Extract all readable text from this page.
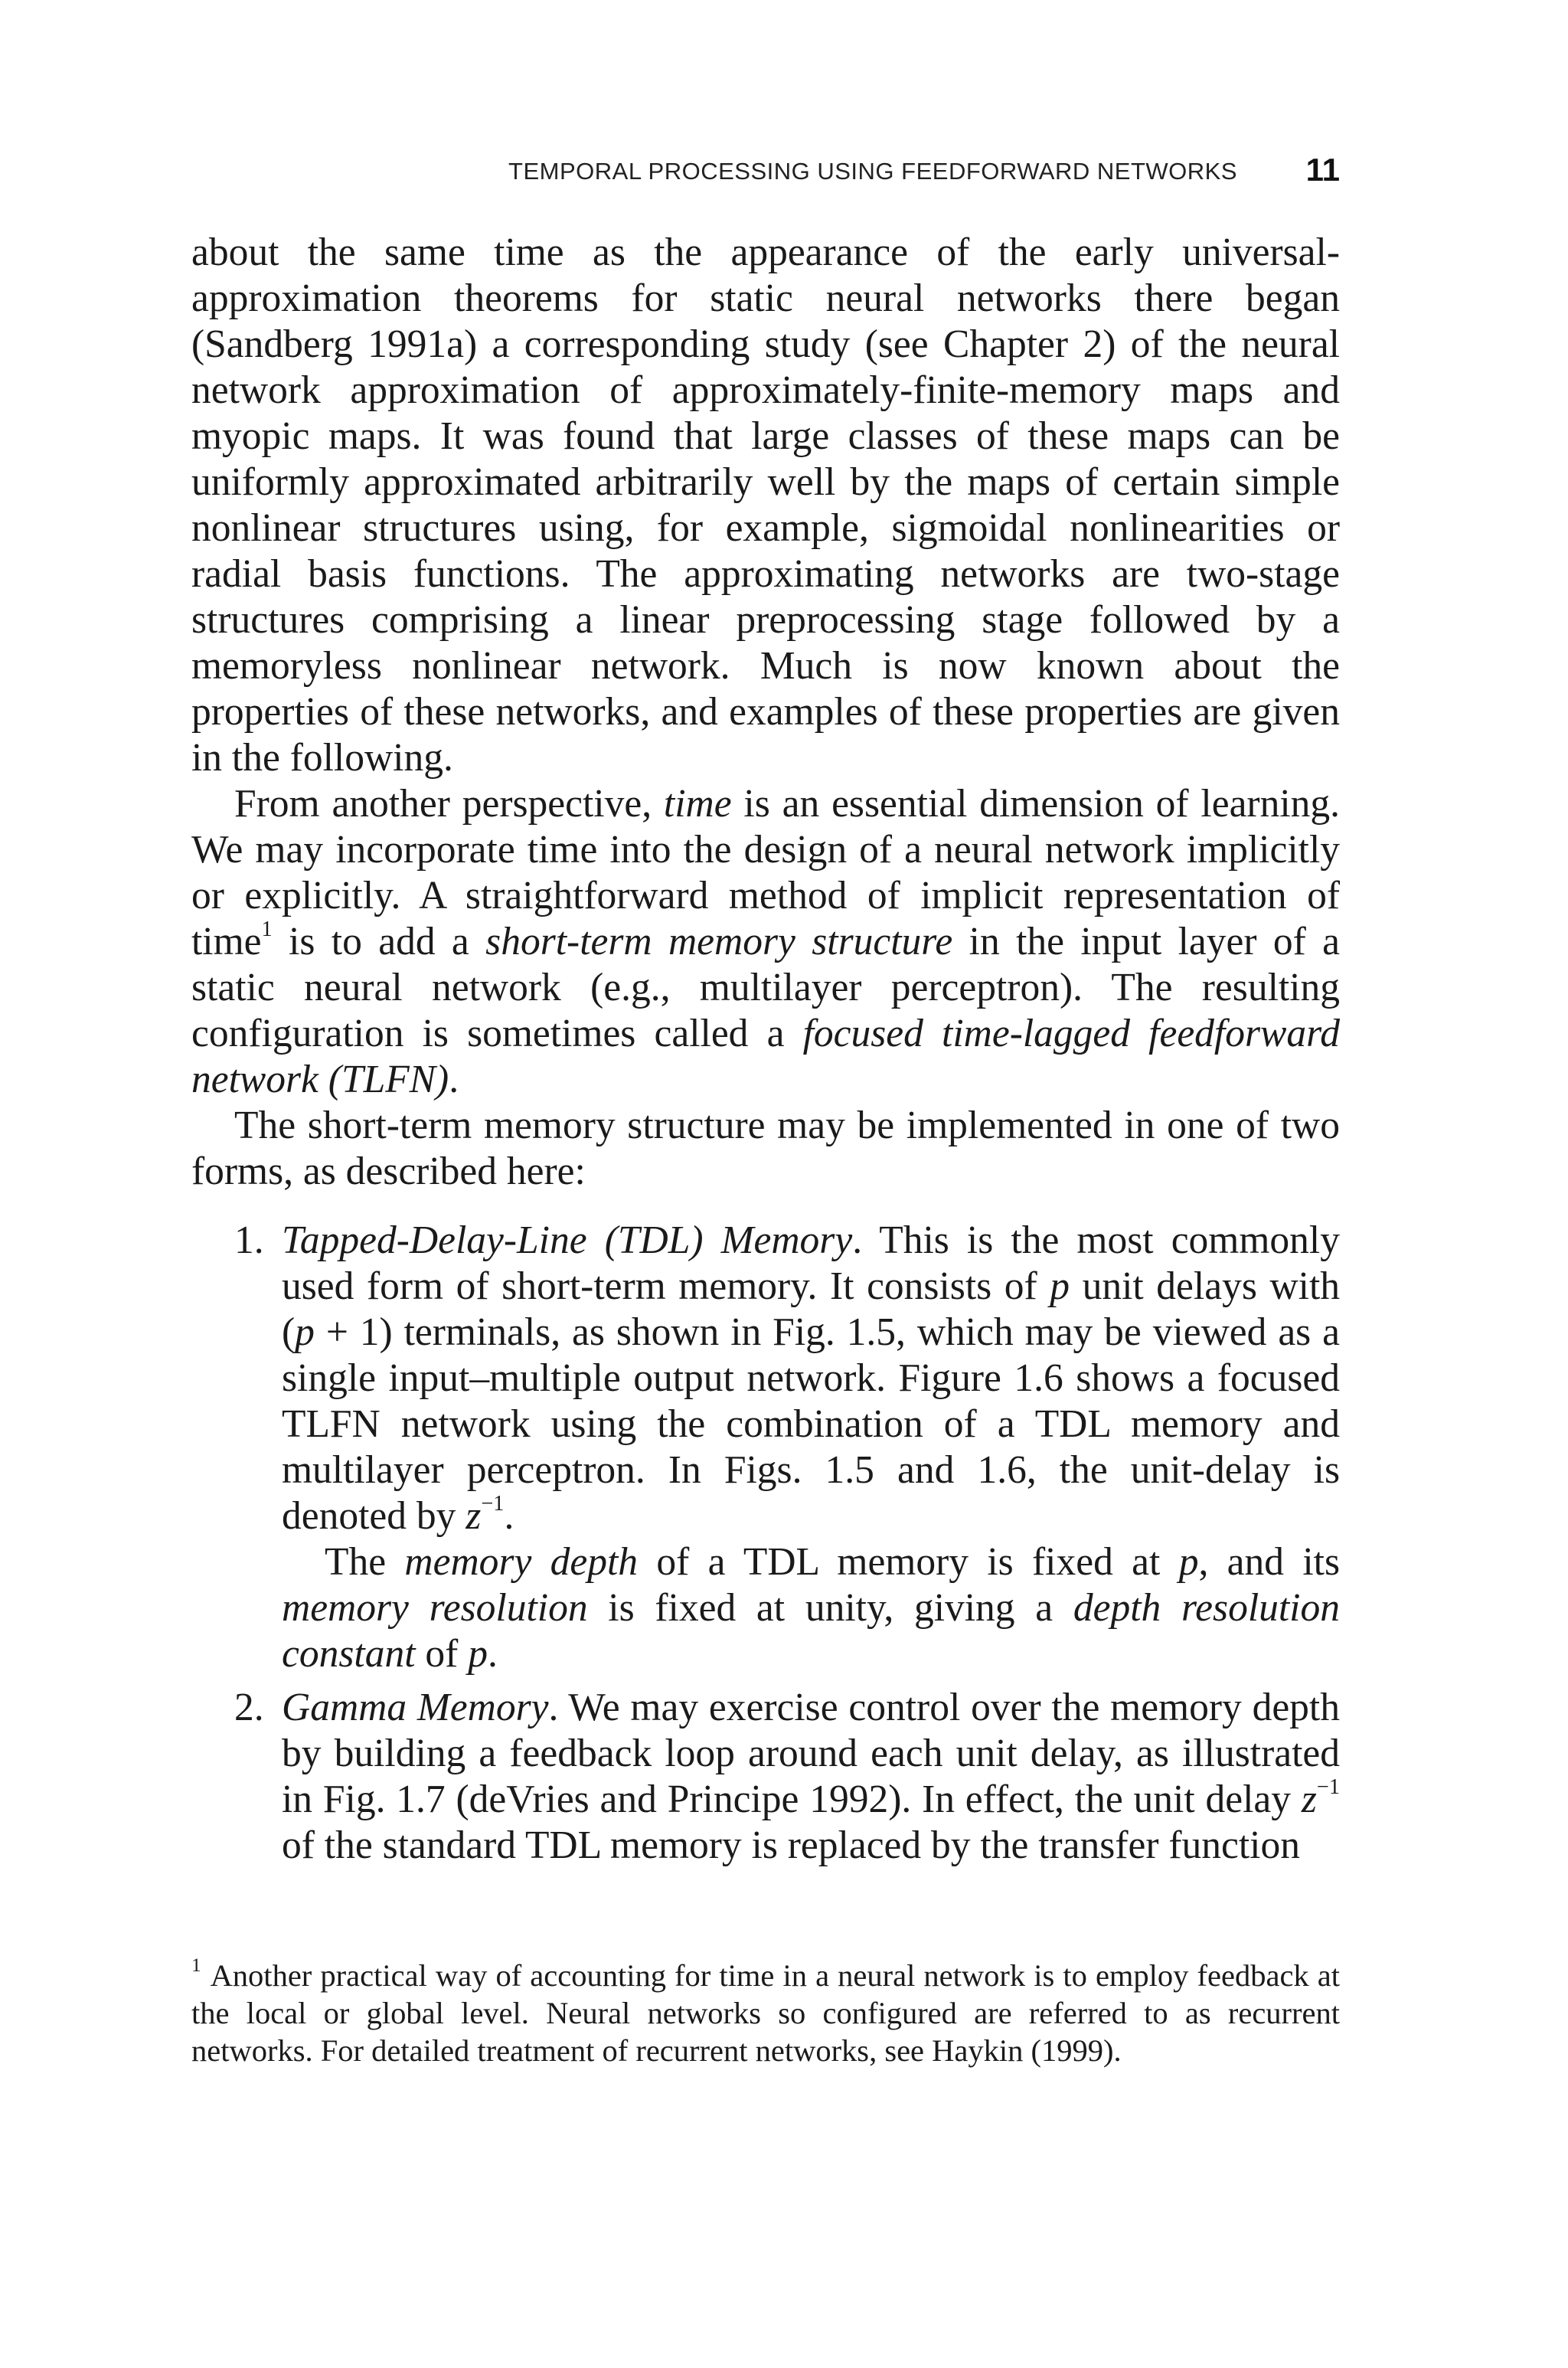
TEMPORAL PROCESSING USING FEEDFORWARD NETWORKS 11

about the same time as the appearance of the early universal-approximation theorems for static neural networks there began (Sandberg 1991a) a corresponding study (see Chapter 2) of the neural network approximation of approximately-finite-memory maps and myopic maps. It was found that large classes of these maps can be uniformly approximated arbitrarily well by the maps of certain simple nonlinear structures using, for example, sigmoidal nonlinearities or radial basis functions. The approximating networks are two-stage structures comprising a linear preprocessing stage followed by a memoryless nonlinear network. Much is now known about the properties of these networks, and examples of these properties are given in the following.

From another perspective, time is an essential dimension of learning. We may incorporate time into the design of a neural network implicitly or explicitly. A straightforward method of implicit representation of time$^1$ is to add a short-term memory structure in the input layer of a static neural network (e.g., multilayer perceptron). The resulting configuration is sometimes called a focused time-lagged feedforward network (TLFN).

The short-term memory structure may be implemented in one of two forms, as described here:

1. Tapped-Delay-Line (TDL) Memory. This is the most commonly used form of short-term memory. It consists of p unit delays with (p + 1) terminals, as shown in Fig. 1.5, which may be viewed as a single input–multiple output network. Figure 1.6 shows a focused TLFN network using the combination of a TDL memory and multilayer perceptron. In Figs. 1.5 and 1.6, the unit-delay is denoted by $z^{-1}$.

The memory depth of a TDL memory is fixed at p, and its memory resolution is fixed at unity, giving a depth resolution constant of p.

2. Gamma Memory. We may exercise control over the memory depth by building a feedback loop around each unit delay, as illustrated in Fig. 1.7 (deVries and Principe 1992). In effect, the unit delay $z^{-1}$ of the standard TDL memory is replaced by the transfer function

$^1$ Another practical way of accounting for time in a neural network is to employ feedback at the local or global level. Neural networks so configured are referred to as recurrent networks. For detailed treatment of recurrent networks, see Haykin (1999).
